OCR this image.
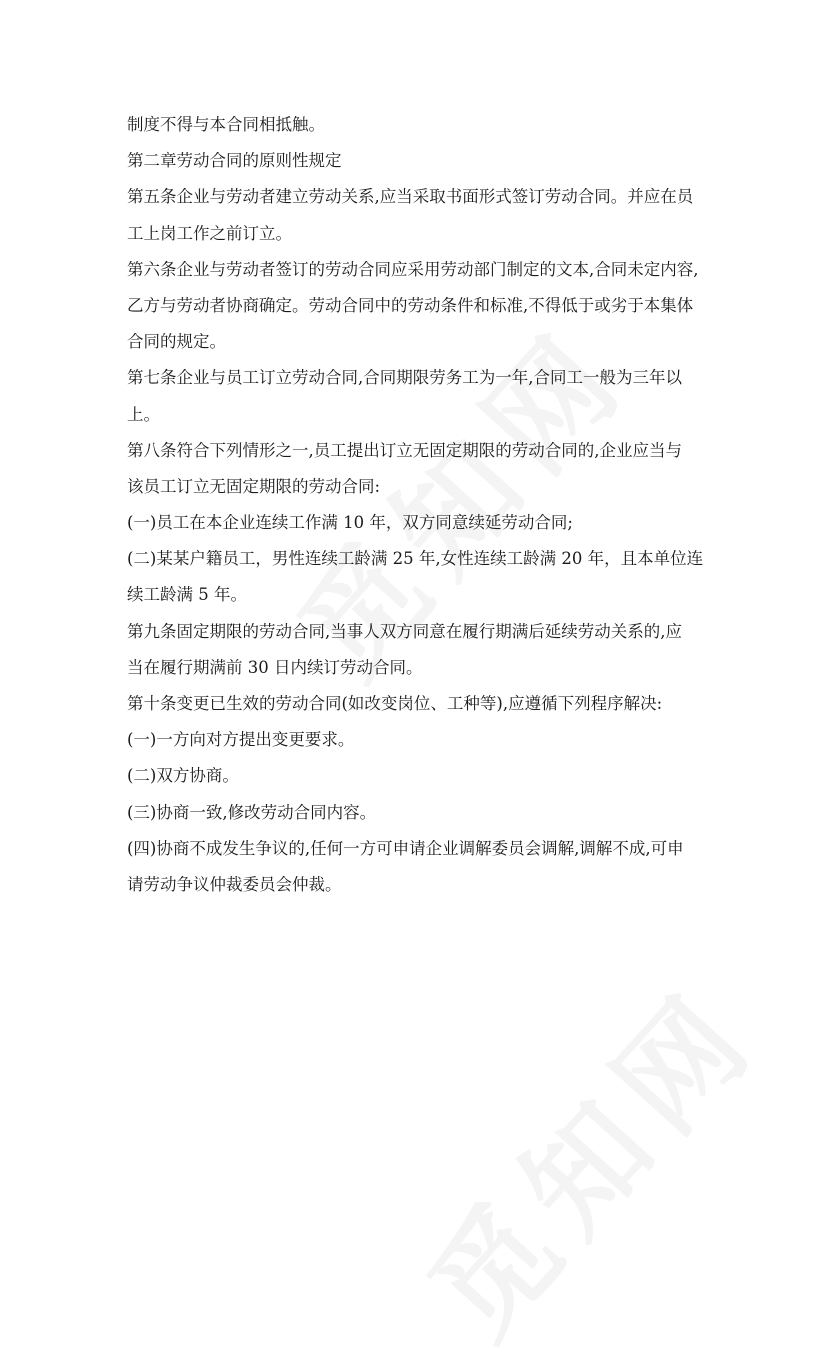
制度不得与本合同相抵触。
第二章劳动合同的原则性规定
第五条企业与劳动者建立劳动关系,应当采取书面形式签订劳动合同。并应在员
工上岗工作之前订立。
第六条企业与劳动者签订的劳动合同应采用劳动部门制定的文本,合同未定内容,
乙方与劳动者协商确定。劳动合同中的劳动条件和标准,不得低于或劣于本集体
合同的规定。
第七条企业与员工订立劳动合同,合同期限劳务工为一年,合同工一般为三年以
上。
第八条符合下列情形之一,员工提出订立无固定期限的劳动合同的,企业应当与
该员工订立无固定期限的劳动合同:
(一)员工在本企业连续工作满 10 年，双方同意续延劳动合同;
(二)某某户籍员工，男性连续工龄满 25 年,女性连续工龄满 20 年，且本单位连
续工龄满 5 年。
第九条固定期限的劳动合同,当事人双方同意在履行期满后延续劳动关系的,应
当在履行期满前 30 日内续订劳动合同。
第十条变更已生效的劳动合同(如改变岗位、工种等),应遵循下列程序解决:
(一)一方向对方提出变更要求。
(二)双方协商。
(三)协商一致,修改劳动合同内容。
(四)协商不成发生争议的,任何一方可申请企业调解委员会调解,调解不成,可申
请劳动争议仲裁委员会仲裁。
